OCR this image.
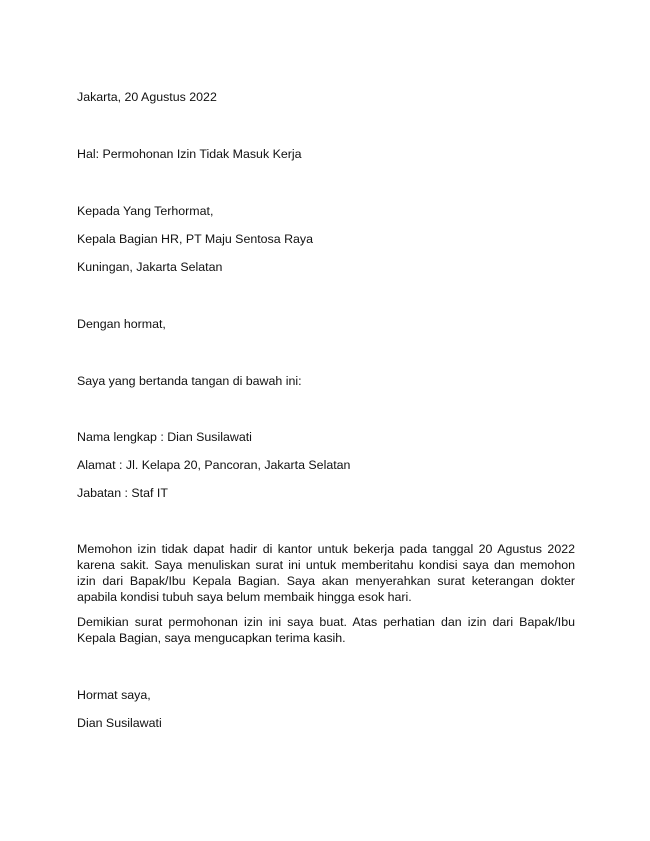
Jakarta, 20 Agustus 2022

Hal: Permohonan Izin Tidak Masuk Kerja

Kepada Yang Terhormat,

Kepala Bagian HR, PT Maju Sentosa Raya

Kuningan, Jakarta Selatan

Dengan hormat,

Saya yang bertanda tangan di bawah ini:

Nama lengkap : Dian Susilawati

Alamat : Jl. Kelapa 20, Pancoran, Jakarta Selatan

Jabatan : Staf IT

Memohon izin tidak dapat hadir di kantor untuk bekerja pada tanggal 20 Agustus 2022 karena sakit. Saya menuliskan surat ini untuk memberitahu kondisi saya dan memohon izin dari Bapak/Ibu Kepala Bagian. Saya akan menyerahkan surat keterangan dokter apabila kondisi tubuh saya belum membaik hingga esok hari.

Demikian surat permohonan izin ini saya buat. Atas perhatian dan izin dari Bapak/Ibu Kepala Bagian, saya mengucapkan terima kasih.

Hormat saya,

Dian Susilawati
